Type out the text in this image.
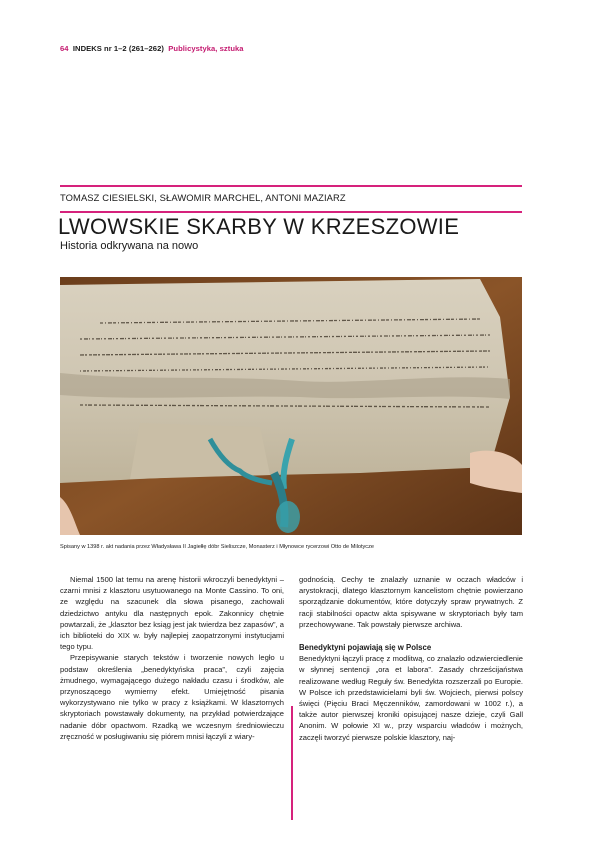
64 INDEKS nr 1–2 (261–262) Publicystyka, sztuka
TOMASZ CIESIELSKI, SŁAWOMIR MARCHEL, ANTONI MAZIARZ
LWOWSKIE SKARBY W KRZESZOWIE
Historia odkrywana na nowo
Spisany w 1398 r. akt nadania przez Władysława II Jagiełłę dóbr Sieliszcze, Monasterz i Młynowce rycerzowi Otto de Milotycze

Niemal 1500 lat temu na arenę historii wkroczyli benedyktyni – czarni mnisi z klasztoru usytuowanego na Monte Cassino. To oni, ze względu na szacunek dla słowa pisanego, zachowali dziedzictwo antyku dla następnych epok. Zakonnicy chętnie powtarzali, że „klasztor bez ksiąg jest jak twierdza bez zapasów”, a ich biblioteki do XIX w. były najlepiej zaopatrzonymi instytucjami tego typu.

Przepisywanie starych tekstów i tworzenie nowych legło u podstaw określenia „benedyktyńska praca”, czyli zajęcia żmudnego, wymagającego dużego nakładu czasu i środków, ale przynoszącego wymierny efekt. Umiejętność pisania wykorzystywano nie tylko w pracy z książkami. W klasztornych skryptoriach powstawały dokumenty, na przykład potwierdzające nadanie dóbr opactwom. Rzadką we wczesnym średniowieczu zręczność w posługiwaniu się piórem mnisi łączyli z wiary-

godnością. Cechy te znalazły uznanie w oczach władców i arystokracji, dlatego klasztornym kancelistom chętnie powierzano sporządzanie dokumentów, które dotyczyły spraw prywatnych. Z racji stabilności opactw akta spisywane w skryptoriach były tam przechowywane. Tak powstały pierwsze archiwa.

Benedyktyni pojawiają się w Polsce

Benedyktyni łączyli pracę z modlitwą, co znalazło odzwierciedlenie w słynnej sentencji „ora et labora”. Zasady chrześcijaństwa realizowane według Reguły św. Benedykta rozszerzali po Europie. W Polsce ich przedstawicielami byli św. Wojciech, pierwsi polscy święci (Pięciu Braci Męczenników, zamordowani w 1002 r.), a także autor pierwszej kroniki opisującej nasze dzieje, czyli Gall Anonim. W połowie XI w., przy wsparciu władców i możnych, zaczęli tworzyć pierwsze polskie klasztory, naj-
